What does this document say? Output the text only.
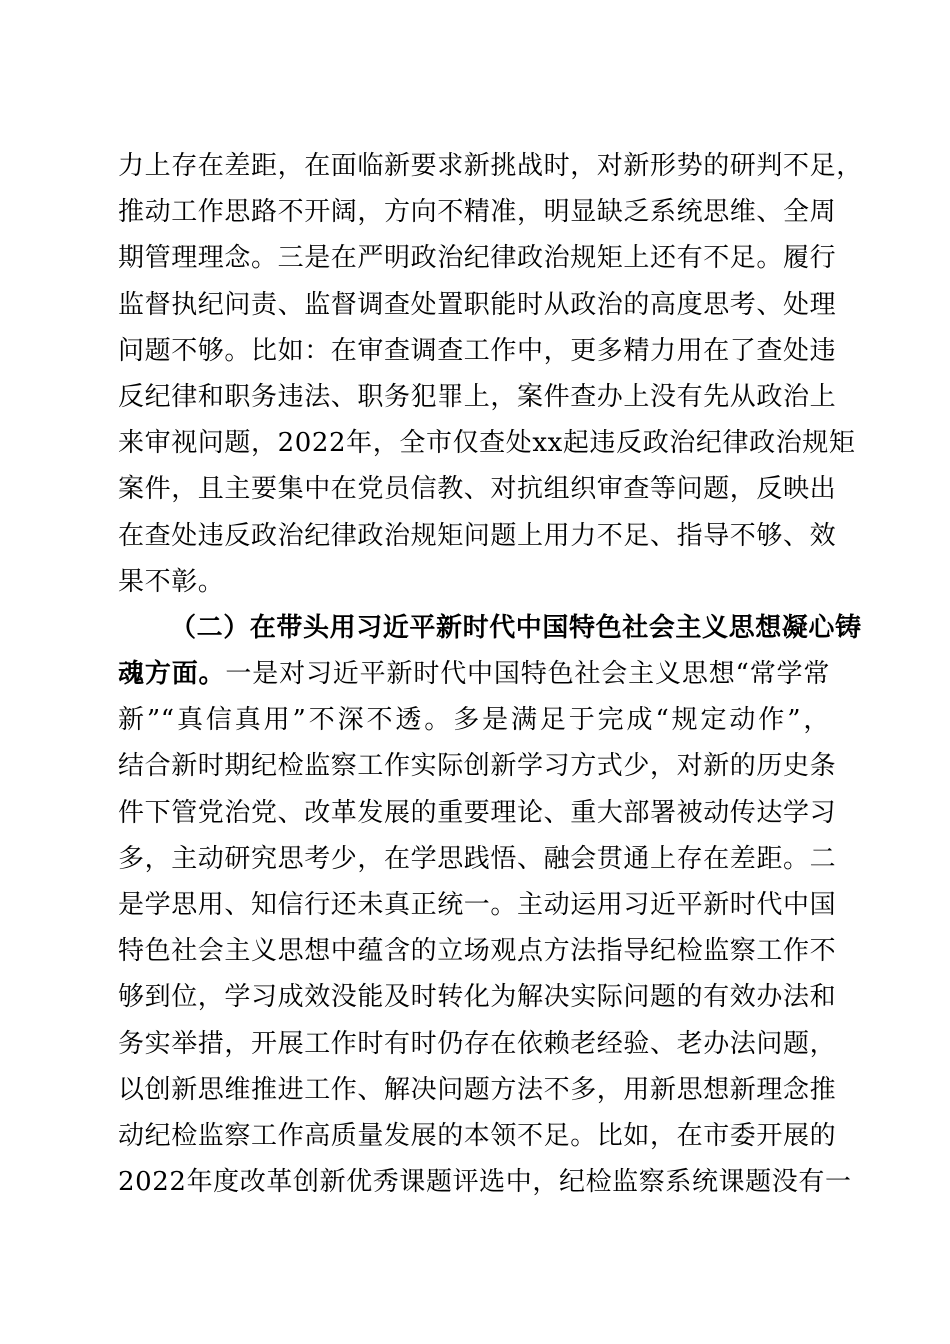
力上存在差距，在面临新要求新挑战时，对新形势的研判不足，
推动工作思路不开阔，方向不精准，明显缺乏系统思维、全周
期管理理念。三是在严明政治纪律政治规矩上还有不足。履行
监督执纪问责、监督调查处置职能时从政治的高度思考、处理
问题不够。比如：在审查调查工作中，更多精力用在了查处违
反纪律和职务违法、职务犯罪上，案件查办上没有先从政治上
来审视问题，2022年，全市仅查处xx起违反政治纪律政治规矩
案件，且主要集中在党员信教、对抗组织审查等问题，反映出
在查处违反政治纪律政治规矩问题上用力不足、指导不够、效
果不彰。
（二）在带头用习近平新时代中国特色社会主义思想凝心铸
魂方面。一是对习近平新时代中国特色社会主义思想“常学常
新”“真信真用”不深不透。多是满足于完成“规定动作”，
结合新时期纪检监察工作实际创新学习方式少，对新的历史条
件下管党治党、改革发展的重要理论、重大部署被动传达学习
多，主动研究思考少，在学思践悟、融会贯通上存在差距。二
是学思用、知信行还未真正统一。主动运用习近平新时代中国
特色社会主义思想中蕴含的立场观点方法指导纪检监察工作不
够到位，学习成效没能及时转化为解决实际问题的有效办法和
务实举措，开展工作时有时仍存在依赖老经验、老办法问题，
以创新思维推进工作、解决问题方法不多，用新思想新理念推
动纪检监察工作高质量发展的本领不足。比如，在市委开展的
2022年度改革创新优秀课题评选中，纪检监察系统课题没有一
